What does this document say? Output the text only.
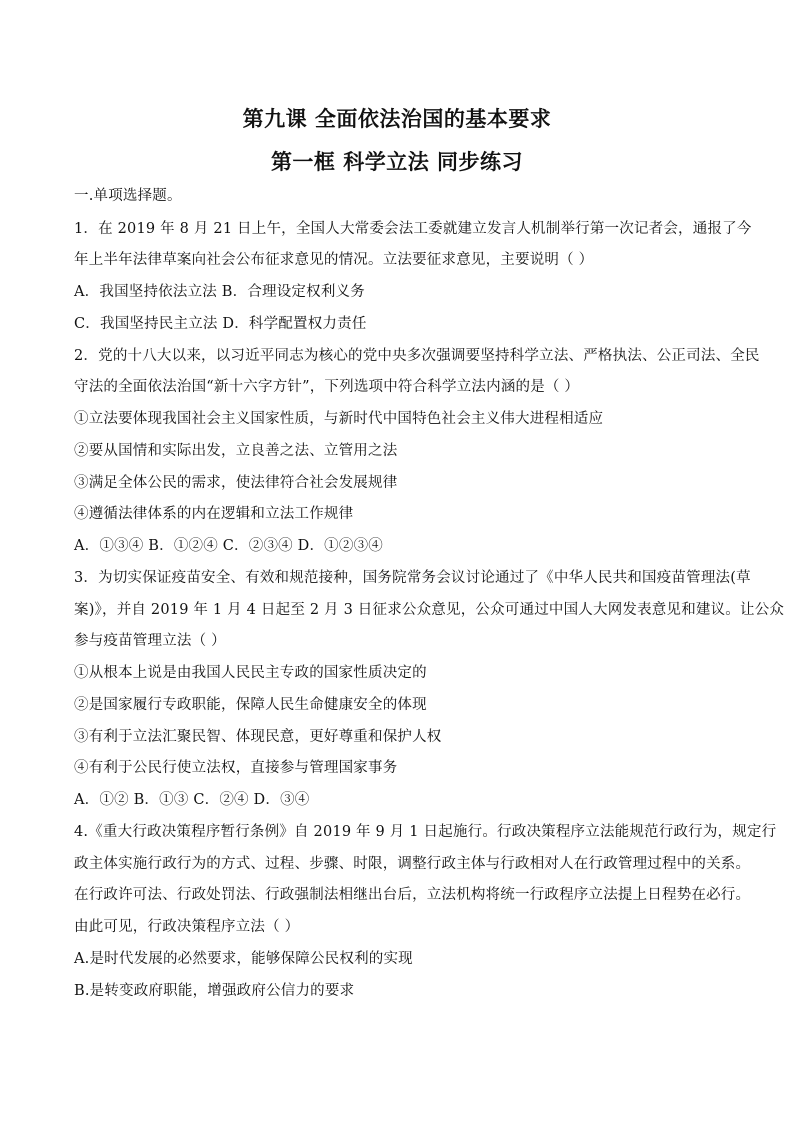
第九课 全面依法治国的基本要求
第一框 科学立法 同步练习
一.单项选择题。
1．在 2019 年 8 月 21 日上午，全国人大常委会法工委就建立发言人机制举行第一次记者会，通报了今
年上半年法律草案向社会公布征求意见的情况。立法要征求意见，主要说明（ ）
A．我国坚持依法立法 B．合理设定权利义务
C．我国坚持民主立法 D．科学配置权力责任
2．党的十八大以来，以习近平同志为核心的党中央多次强调要坚持科学立法、严格执法、公正司法、全民
守法的全面依法治国“新十六字方针”，下列选项中符合科学立法内涵的是（ ）
①立法要体现我国社会主义国家性质，与新时代中国特色社会主义伟大进程相适应
②要从国情和实际出发，立良善之法、立管用之法
③满足全体公民的需求，使法律符合社会发展规律
④遵循法律体系的内在逻辑和立法工作规律
A．①③④ B．①②④ C．②③④ D．①②③④
3．为切实保证疫苗安全、有效和规范接种，国务院常务会议讨论通过了《中华人民共和国疫苗管理法(草
案)》，并自 2019 年 1 月 4 日起至 2 月 3 日征求公众意见，公众可通过中国人大网发表意见和建议。让公众
参与疫苗管理立法（ ）
①从根本上说是由我国人民民主专政的国家性质决定的
②是国家履行专政职能，保障人民生命健康安全的体现
③有利于立法汇聚民智、体现民意，更好尊重和保护人权
④有利于公民行使立法权，直接参与管理国家事务
A．①② B．①③ C．②④ D．③④
4.《重大行政决策程序暂行条例》自 2019 年 9 月 1 日起施行。行政决策程序立法能规范行政行为，规定行
政主体实施行政行为的方式、过程、步骤、时限，调整行政主体与行政相对人在行政管理过程中的关系。
在行政许可法、行政处罚法、行政强制法相继出台后，立法机构将统一行政程序立法提上日程势在必行。
由此可见，行政决策程序立法（ ）
A.是时代发展的必然要求，能够保障公民权利的实现
B.是转变政府职能，增强政府公信力的要求
